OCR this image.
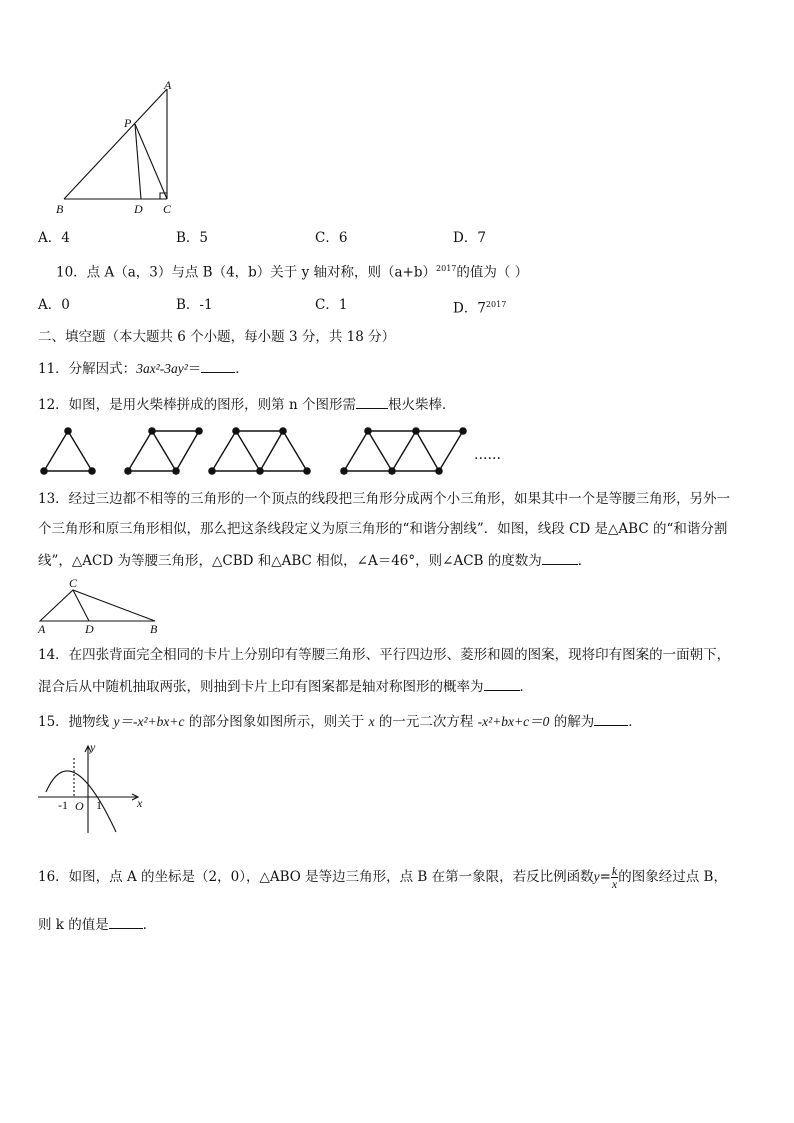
A
P
B	D C
A．4	B．5	C．6	D．7
10．点 A（a，3）与点 B（4，b）关于 y 轴对称，则$(a+b)^{2017}$的值为（ ）
A．0	B．-1	C．1	D．$7^{2017}$
二、填空题（本大题共 6 个小题，每小题 3 分，共 18 分）
11．分解因式：3ax²-3ay²＝	．
12．如图，是用火柴棒拼成的图形，则第 n 个图形需 根火柴棒．
……
13．经过三边都不相等的三角形的一个顶点的线段把三角形分成两个小三角形，如果其中一个是等腰三角形，另外一
个三角形和原三角形相似，那么把这条线段定义为原三角形的“和谐分割线”．如图，线段 CD 是△ABC 的“和谐分割
线”，△ACD 为等腰三角形，△CBD 和△ABC 相似，∠A＝46°，则∠ACB 的度数为	．
C
A	D	B
14．在四张背面完全相同的卡片上分别印有等腰三角形、平行四边形、菱形和圆的图案，现将印有图案的一面朝下，
混合后从中随机抽取两张，则抽到卡片上印有图案都是轴对称图形的概率为	．
15．抛物线 y＝-x²+bx+c 的部分图象如图所示，则关于 x 的一元二次方程 -x²+bx+c＝0 的解为	．
y
x
O
-1 1
16．如图，点 A 的坐标是（2，0），△ABO 是等边三角形，点 B 在第一象限，若反比例函数 $y = \frac{k}{x}$ 的图象经过点 B，
则 k 的值是	．
